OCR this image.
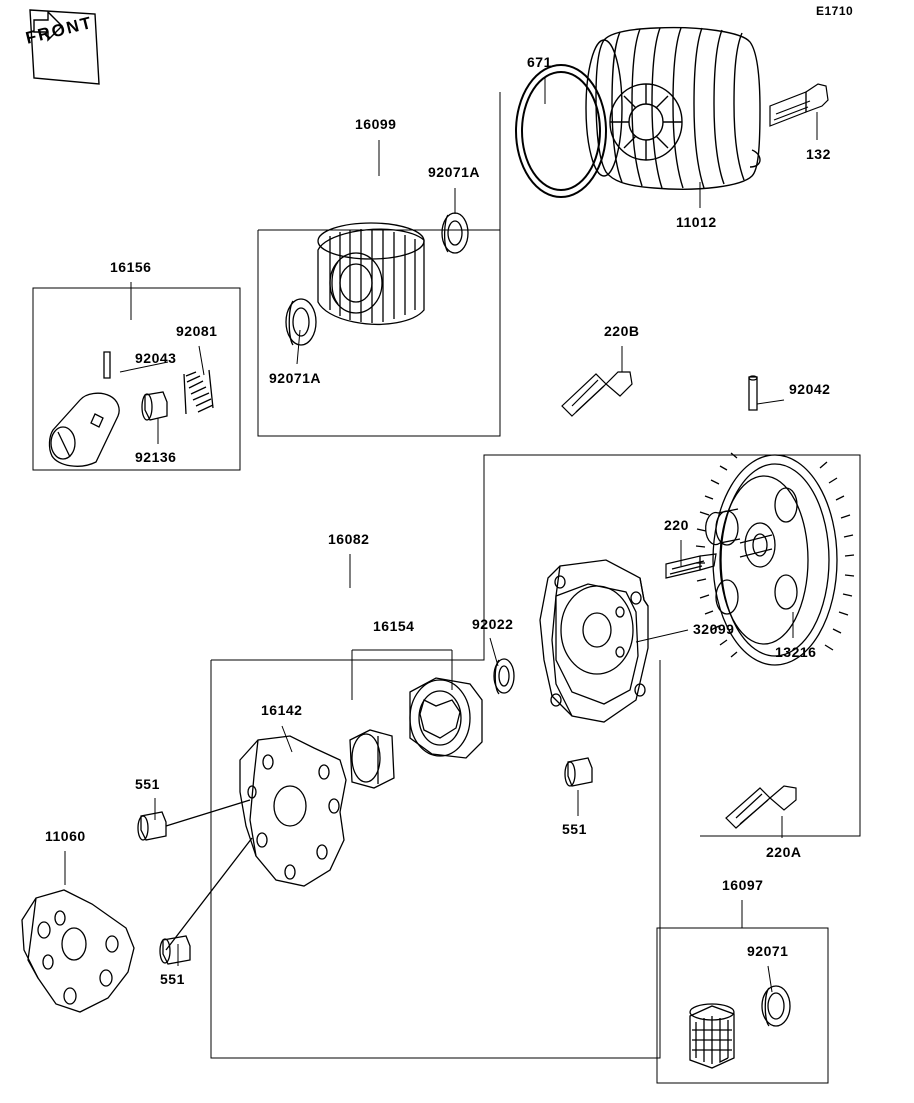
E1710
FRONT
16099
92071A
671
132
11012
16156
92081
92043
92136
92071A
220B
92042
220
13216
16082
16154	92022	32099
16142
551
11060
551
551
220A
16097
92071
